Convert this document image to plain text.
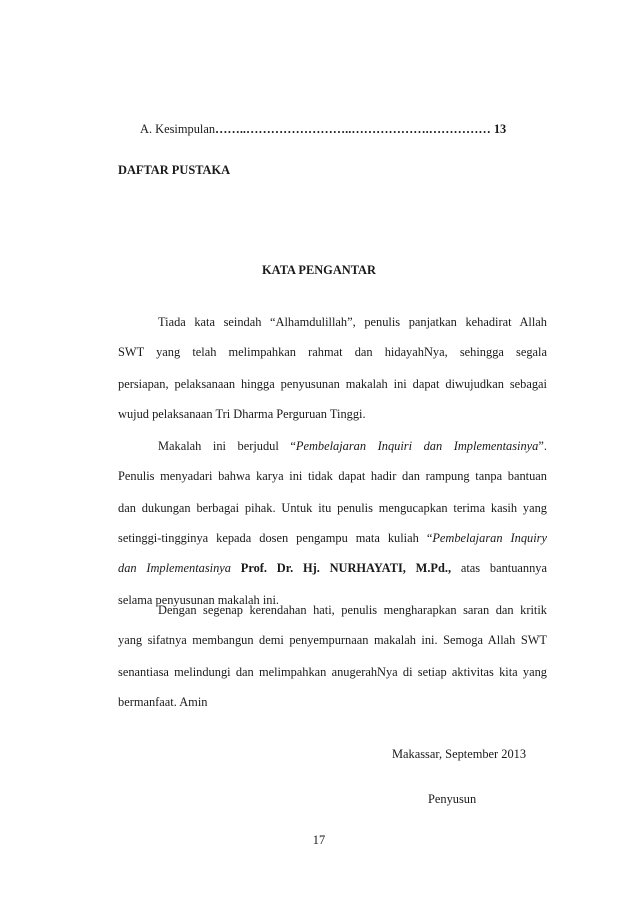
A. Kesimpulan……..……………………..……………….…………… 13
DAFTAR PUSTAKA
KATA PENGANTAR
Tiada kata seindah “Alhamdulillah”, penulis panjatkan kehadirat Allah
SWT yang telah melimpahkan rahmat dan hidayahNya, sehingga segala
persiapan, pelaksanaan hingga penyusunan makalah ini dapat diwujudkan sebagai
wujud pelaksanaan Tri Dharma Perguruan Tinggi.
Makalah ini berjudul “Pembelajaran Inquiri dan Implementasinya”.
Penulis menyadari bahwa karya ini tidak dapat hadir dan rampung tanpa bantuan
dan dukungan berbagai pihak. Untuk itu penulis mengucapkan terima kasih yang
setinggi-tingginya kepada dosen pengampu mata kuliah “Pembelajaran Inquiry
dan Implementasinya Prof. Dr. Hj. NURHAYATI, M.Pd., atas bantuannya
selama penyusunan makalah ini.
Dengan segenap kerendahan hati, penulis mengharapkan saran dan kritik
yang sifatnya membangun demi penyempurnaan makalah ini. Semoga Allah SWT
senantiasa melindungi dan melimpahkan anugerahNya di setiap aktivitas kita yang
bermanfaat. Amin
Makassar, September 2013
Penyusun
17
